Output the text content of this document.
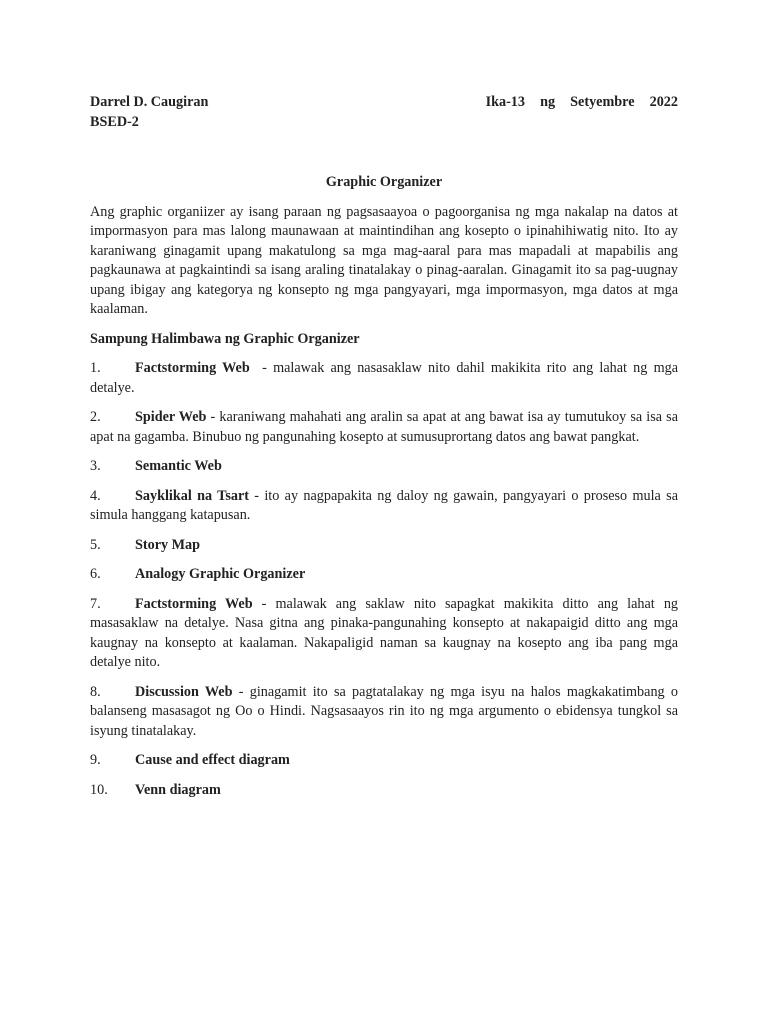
Darrel D. Caugiran	Ika-13  ng  Setyembre  2022
BSED-2
Graphic Organizer

Ang graphic organiizer ay isang paraan ng pagsasaayoa o pagoorganisa ng mga nakalap na datos at impormasyon para mas lalong maunawaan at maintindihan ang kosepto o ipinahihiwatig nito. Ito ay karaniwang ginagamit upang makatulong sa mga mag-aaral para mas mapadali at mapabilis ang pagkaunawa at pagkaintindi sa isang araling tinatalakay o pinag-aaralan. Ginagamit ito sa pag-uugnay upang ibigay ang kategorya ng konsepto ng mga pangyayari, mga impormasyon, mga datos at mga kaalaman.

Sampung Halimbawa ng Graphic Organizer

1. Factstorming Web  - malawak ang nasasaklaw nito dahil makikita rito ang lahat ng mga detalye.
2. Spider Web - karaniwang mahahati ang aralin sa apat at ang bawat isa ay tumutukoy sa isa sa apat na gagamba. Binubuo ng pangunahing kosepto at sumusuprortang datos ang bawat pangkat.
3. Semantic Web
4. Sayklikal na Tsart - ito ay nagpapakita ng daloy ng gawain, pangyayari o proseso mula sa simula hanggang katapusan.
5. Story Map
6. Analogy Graphic Organizer
7. Factstorming Web - malawak ang saklaw nito sapagkat makikita ditto ang lahat ng masasaklaw na detalye. Nasa gitna ang pinaka-pangunahing konsepto at nakapaigid ditto ang mga kaugnay na konsepto at kaalaman. Nakapaligid naman sa kaugnay na kosepto ang iba pang mga detalye nito.
8. Discussion Web - ginagamit ito sa pagtatalakay ng mga isyu na halos magkakatimbang o balanseng masasagot ng Oo o Hindi. Nagsasaayos rin ito ng mga argumento o ebidensya tungkol sa isyung tinatalakay.
9. Cause and effect diagram
10. Venn diagram
